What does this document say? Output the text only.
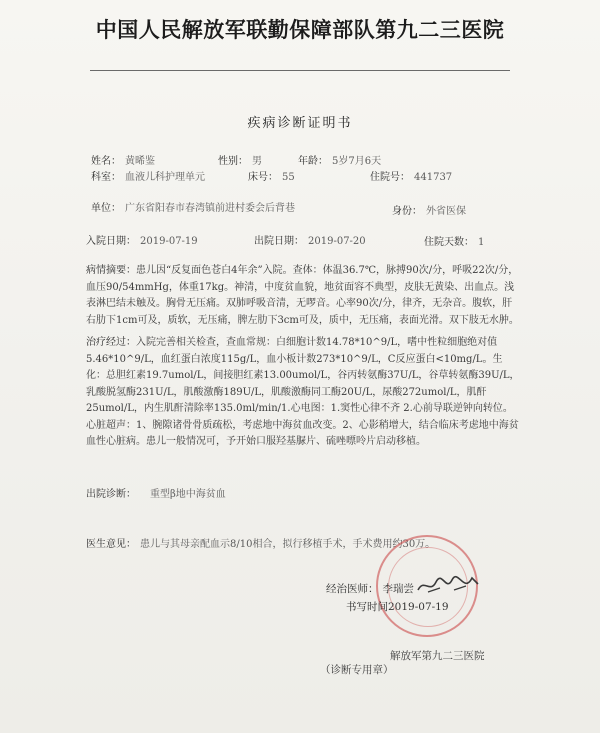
中国人民解放军联勤保障部队第九二三医院
疾病诊断证明书
姓名： 黄晞鉴	性别： 男	年龄： 5岁7月6天
科室： 血液儿科护理单元	床号： 55	住院号： 441737
单位： 广东省阳春市春湾镇前进村委会后背巷	身份： 外省医保
入院日期： 2019-07-19	出院日期： 2019-07-20	住院天数： 1
病情摘要：患儿因“反复面色苍白4年余”入院。查体：体温36.7℃，脉搏90次/分，呼吸22次/分，血压90/54mmHg，体重17kg。神清，中度贫血貌，地贫面容不典型，皮肤无黄染、出血点。浅表淋巴结未触及。胸骨无压痛。双肺呼吸音清，无啰音。心率90次/分，律齐，无杂音。腹软，肝右肋下1cm可及，质软，无压痛，脾左肋下3cm可及，质中，无压痛，表面光滑。双下肢无水肿。
治疗经过：入院完善相关检查，查血常规：白细胞计数14.78*10^9/L，嗜中性粒细胞绝对值5.46*10^9/L，血红蛋白浓度115g/L，血小板计数273*10^9/L，C反应蛋白<10mg/L。生化：总胆红素19.7umol/L，间接胆红素13.00umol/L，谷丙转氨酶37U/L，谷草转氨酶39U/L，乳酸脱氢酶231U/L，肌酸激酶189U/L，肌酸激酶同工酶20U/L，尿酸272umol/L，肌酐25umol/L，内生肌酐清除率135.0ml/min/1.心电图：1.窦性心律不齐 2.心前导联逆钟向转位。心脏超声：1、腕隙诸骨骨质疏松，考虑地中海贫血改变。2、心影稍增大，结合临床考虑地中海贫血性心脏病。患儿一般情况可，予开始口服羟基脲片、硫唑嘌呤片启动移植。
出院诊断： 重型β地中海贫血
医生意见： 患儿与其母亲配血示8/10相合，拟行移植手术，手术费用约30万。
经治医师： 李瑞尝
书写时间2019-07-19
解放军第九二三医院
（诊断专用章）
